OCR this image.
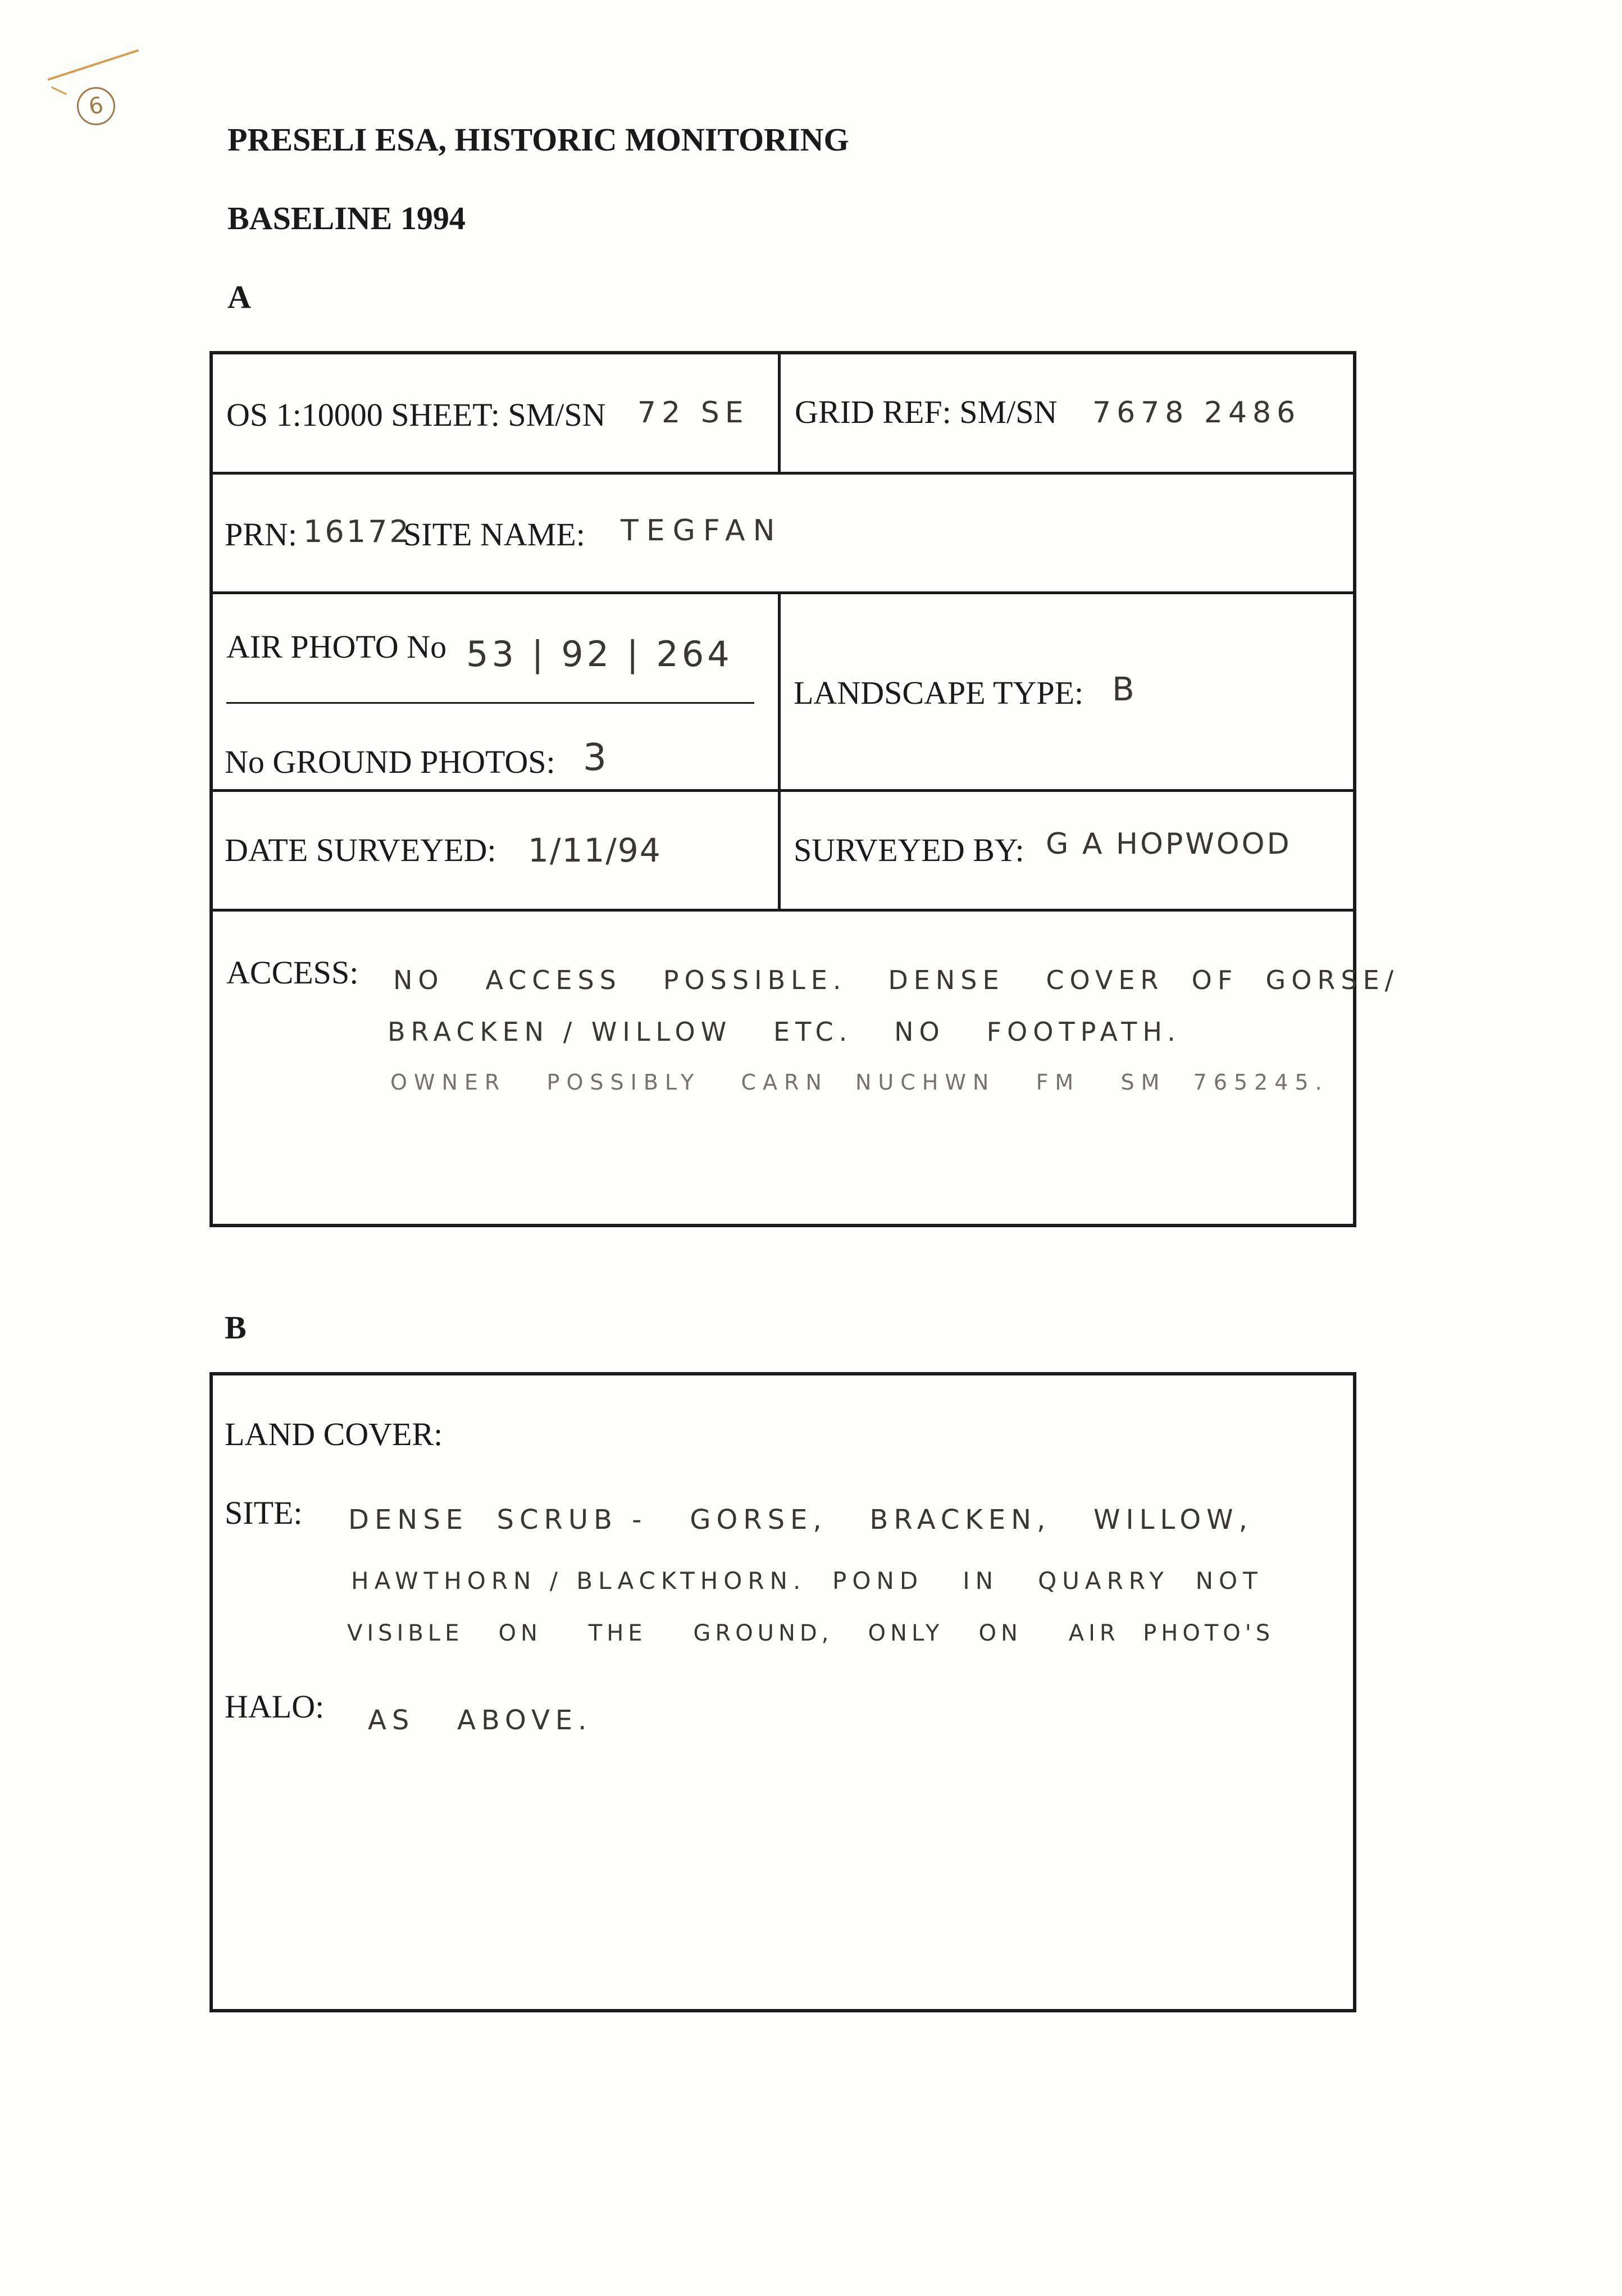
6
PRESELI ESA, HISTORIC MONITORING
BASELINE 1994
A
OS 1:10000 SHEET: SM/SN 72 SE GRID REF: SM/SN 7678 2486
PRN: 16172
SITE NAME: TEGFAN
AIR PHOTO No 53 | 92 | 264
No GROUND PHOTOS: 3
LANDSCAPE TYPE: B
DATE SURVEYED: 1/11/94	SURVEYED BY: G A HOPWOOD
ACCESS: NO   ACCESS   POSSIBLE.   DENSE   COVER  OF  GORSE/
BRACKEN / WILLOW   ETC.   NO   FOOTPATH.
OWNER   POSSIBLY   CARN  NUCHWN   FM   SM  765245.
B
LAND COVER:
SITE: DENSE  SCRUB -   GORSE,   BRACKEN,   WILLOW,
HAWTHORN / BLACKTHORN.  POND   IN   QUARRY  NOT
VISIBLE   ON    THE    GROUND,   ONLY   ON    AIR  PHOTO'S
HALO: AS   ABOVE.
